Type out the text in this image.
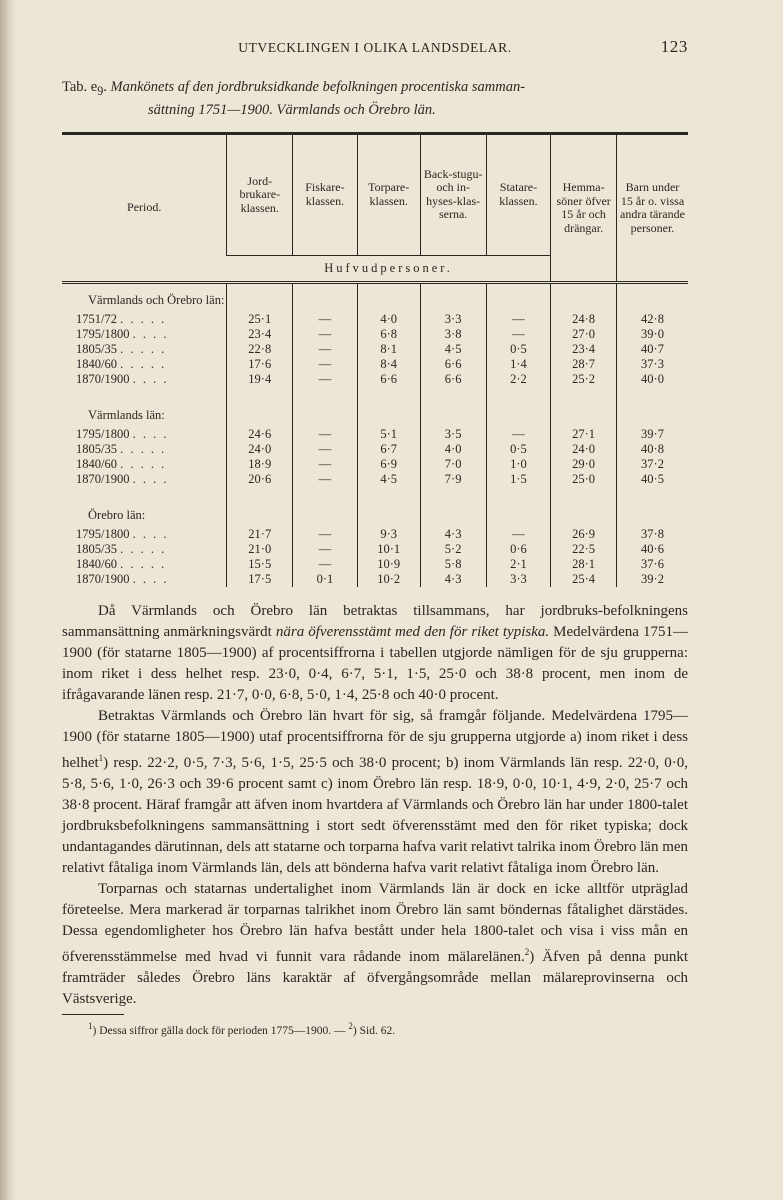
UTVECKLINGEN I OLIKA LANDSDELAR.	123
Tab. $e_9$. Mankönets af den jordbruksidkande befolkningen procentiska samman-
sättning 1751—1900. Värmlands och Örebro län.
Period.	Jord-brukare-klassen.	Fiskare-klassen.	Torpare-klassen.	Back-stugu-och in-hyses-klas-serna.	Statare-klassen.	Hemma-söner öfver 15 år och drängar.	Barn under 15 år o. vissa andra tärande personer.
	Hufvudpersoner.						
Värmlands och Örebro län:							
1751/72 . . . . .	25·1	—	4·0	3·3	—	24·8	42·8
1795/1800 . . . .	23·4	—	6·8	3·8	—	27·0	39·0
1805/35 . . . . .	22·8	—	8·1	4·5	0·5	23·4	40·7
1840/60 . . . . .	17·6	—	8·4	6·6	1·4	28·7	37·3
1870/1900 . . . .	19·4	—	6·6	6·6	2·2	25·2	40·0

Värmlands län:							
1795/1800 . . . .	24·6	—	5·1	3·5	—	27·1	39·7
1805/35 . . . . .	24·0	—	6·7	4·0	0·5	24·0	40·8
1840/60 . . . . .	18·9	—	6·9	7·0	1·0	29·0	37·2
1870/1900 . . . .	20·6	—	4·5	7·9	1·5	25·0	40·5

Örebro län:							
1795/1800 . . . .	21·7	—	9·3	4·3	—	26·9	37·8
1805/35 . . . . .	21·0	—	10·1	5·2	0·6	22·5	40·6
1840/60 . . . . .	15·5	—	10·9	5·8	2·1	28·1	37·6
1870/1900 . . . .	17·5	0·1	10·2	4·3	3·3	25·4	39·2

Då Värmlands och Örebro län betraktas tillsammans, har jordbruks-befolkningens sammansättning anmärkningsvärdt nära öfverensstämt med den för riket typiska. Medelvärdena 1751—1900 (för statarne 1805—1900) af procentsiffrorna i tabellen utgjorde nämligen för de sju grupperna: inom riket i dess helhet resp. 23·0, 0·4, 6·7, 5·1, 1·5, 25·0 och 38·8 procent, men inom de ifrågavarande länen resp. 21·7, 0·0, 6·8, 5·0, 1·4, 25·8 och 40·0 procent.

Betraktas Värmlands och Örebro län hvart för sig, så framgår följande. Medelvärdena 1795—1900 (för statarne 1805—1900) utaf procentsiffrorna för de sju grupperna utgjorde a) inom riket i dess helhet$^1$) resp. 22·2, 0·5, 7·3, 5·6, 1·5, 25·5 och 38·0 procent; b) inom Värmlands län resp. 22·0, 0·0, 5·8, 5·6, 1·0, 26·3 och 39·6 procent samt c) inom Örebro län resp. 18·9, 0·0, 10·1, 4·9, 2·0, 25·7 och 38·8 procent. Häraf framgår att äfven inom hvartdera af Värmlands och Örebro län har under 1800-talet jordbruksbefolkningens sammansättning i stort sedt öfverensstämt med den för riket typiska; dock undantagandes därutinnan, dels att statarne och torparna hafva varit relativt talrika inom Örebro län men relativt fåtaliga inom Värmlands län, dels att bönderna hafva varit relativt fåtaliga inom Örebro län.

Torparnas och statarnas undertalighet inom Värmlands län är dock en icke alltför utpräglad företeelse. Mera markerad är torparnas talrikhet inom Örebro län samt böndernas fåtalighet därstädes. Dessa egendomligheter hos Örebro län hafva bestått under hela 1800-talet och visa i viss mån en öfverensstämmelse med hvad vi funnit vara rådande inom mälarelänen.$^2$) Äfven på denna punkt framträder således Örebro läns karaktär af öfvergångsområde mellan mälareprovinserna och Västsverige.

$^1$) Dessa siffror gälla dock för perioden 1775—1900. — $^2$) Sid. 62.
